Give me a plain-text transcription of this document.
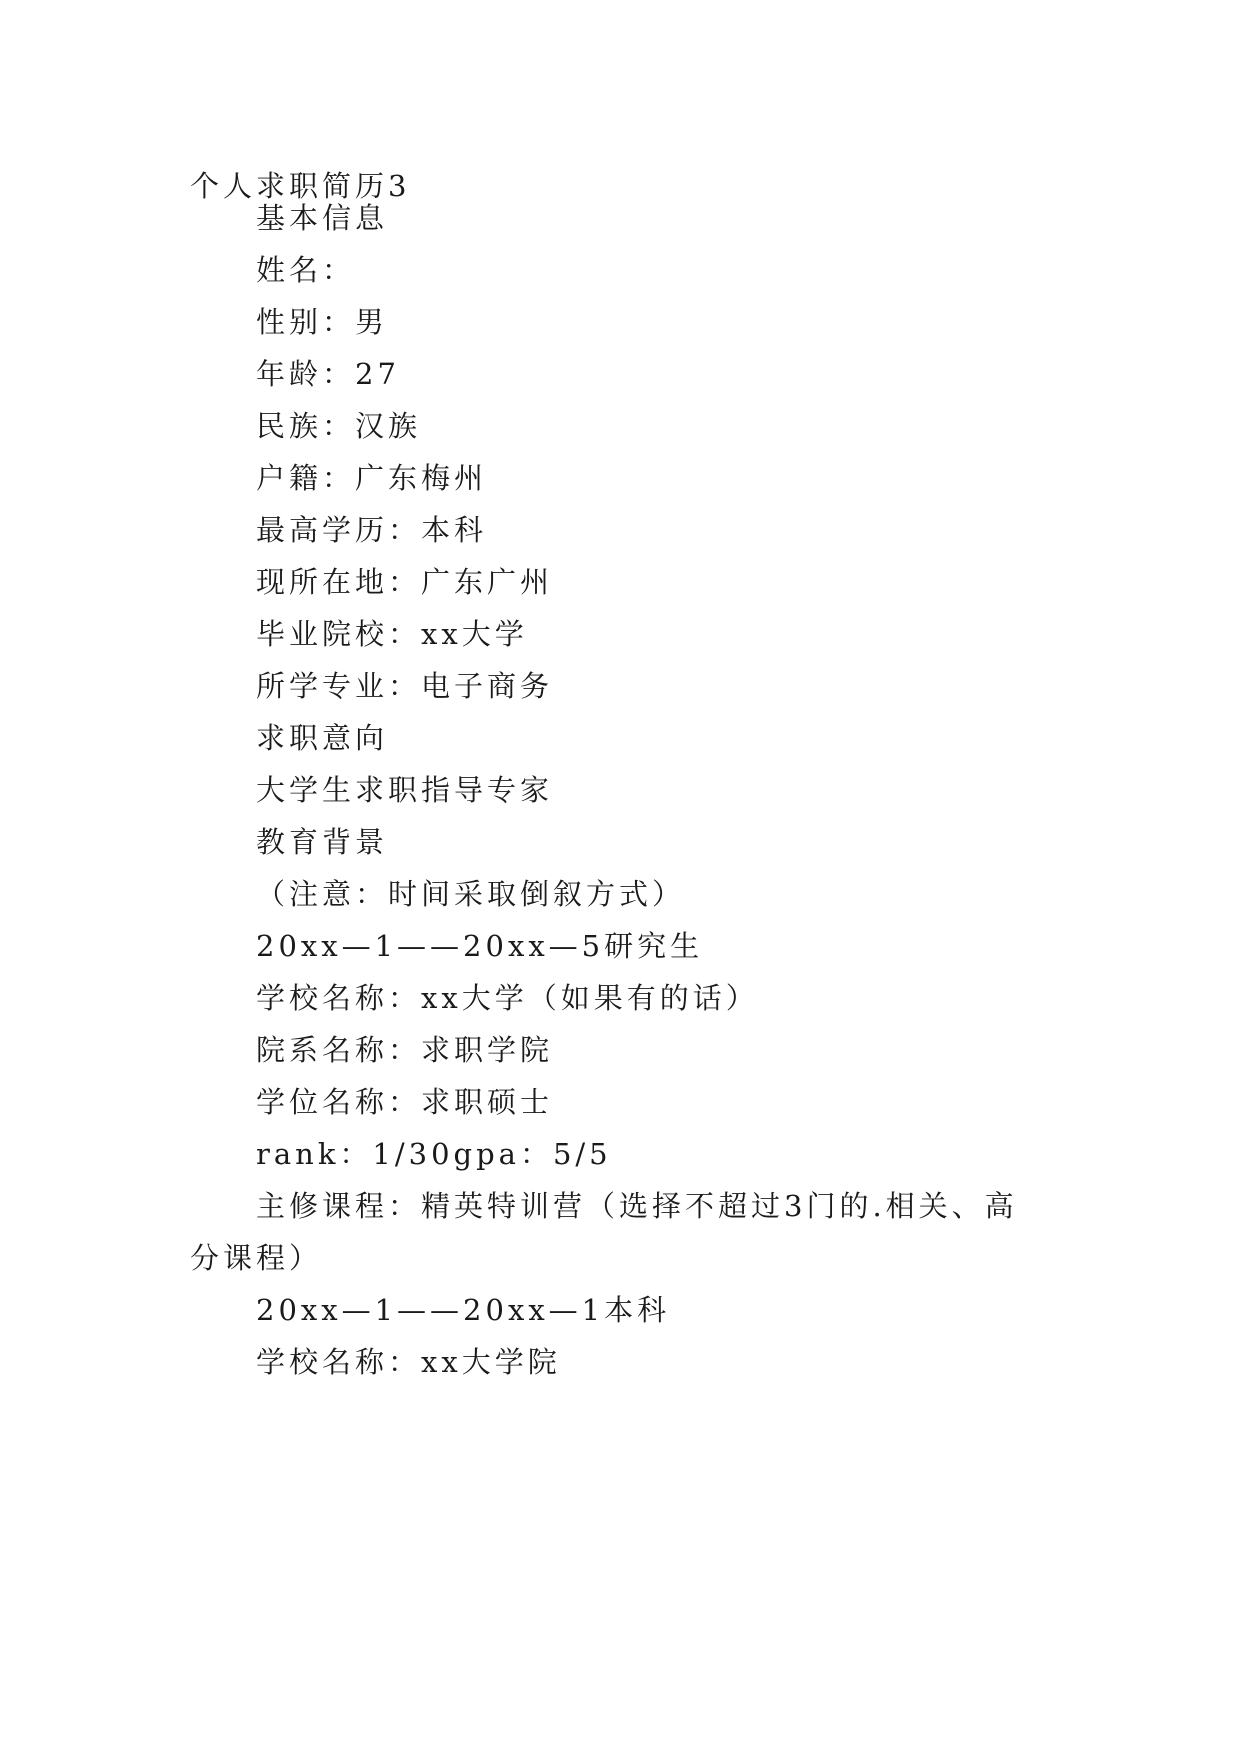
个人求职简历3
基本信息
姓名：
性别：男
年龄：27
民族：汉族
户籍：广东梅州
最高学历：本科
现所在地：广东广州
毕业院校：xx大学
所学专业：电子商务
求职意向
大学生求职指导专家
教育背景
（注意：时间采取倒叙方式）
20xx—1——20xx—5研究生
学校名称：xx大学（如果有的话）
院系名称：求职学院
学位名称：求职硕士
rank：1/30gpa：5/5
主修课程：精英特训营（选择不超过3门的.相关、高
分课程）
20xx—1——20xx—1本科
学校名称：xx大学院
